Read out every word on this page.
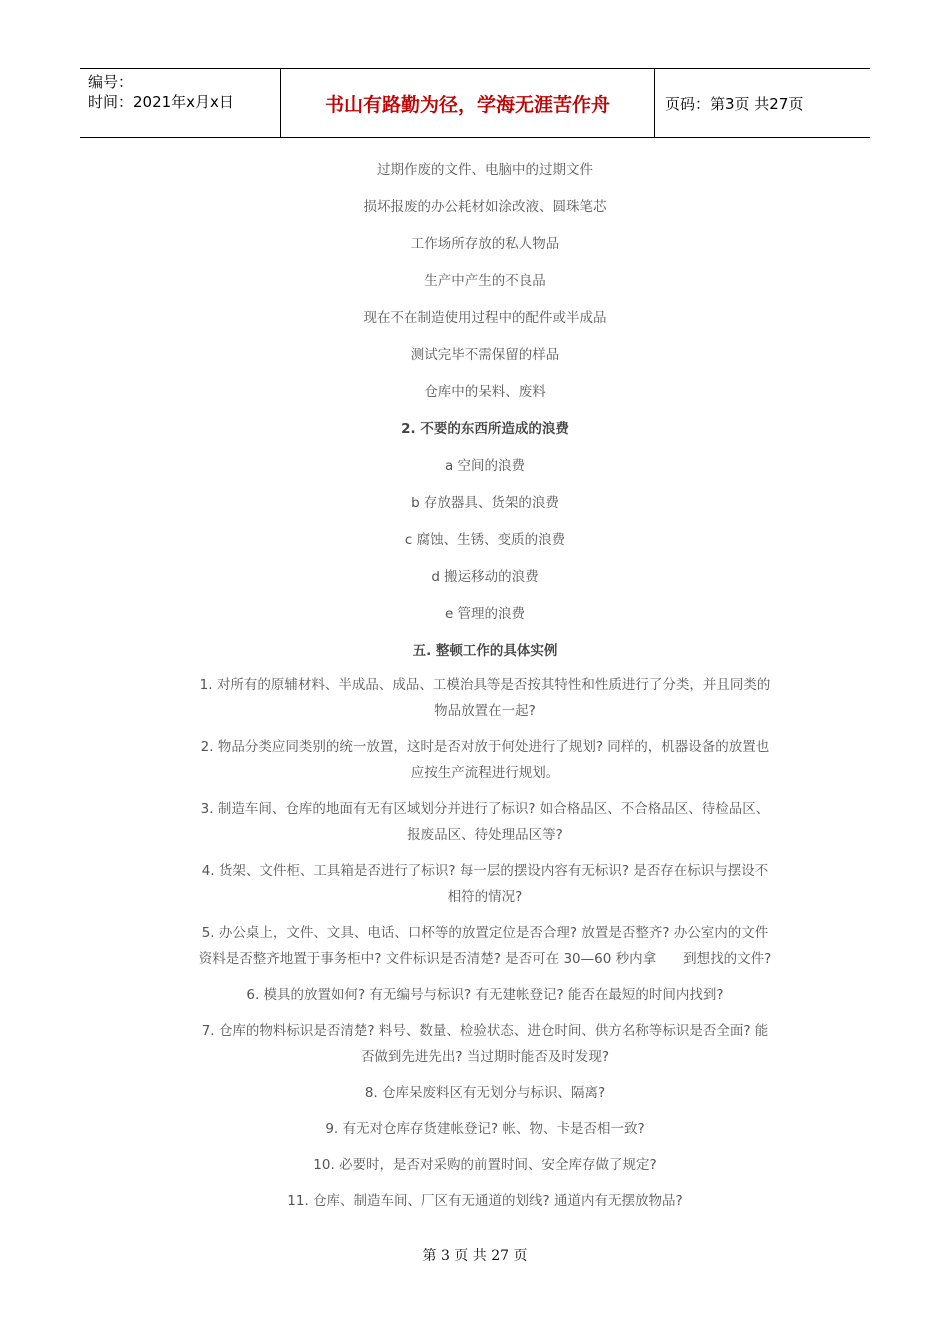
编号：
时间：2021年x月x日	书山有路勤为径，学海无涯苦作舟	页码：第3页 共27页

过期作废的文件、电脑中的过期文件

损坏报废的办公耗材如涂改液、圆珠笔芯

工作场所存放的私人物品

生产中产生的不良品

现在不在制造使用过程中的配件或半成品

测试完毕不需保留的样品

仓库中的呆料、废料

2. 不要的东西所造成的浪费

a 空间的浪费

b 存放器具、货架的浪费

c 腐蚀、生锈、变质的浪费

d 搬运移动的浪费

e 管理的浪费

五. 整顿工作的具体实例

1. 对所有的原辅材料、半成品、成品、工模治具等是否按其特性和性质进行了分类，并且同类的

物品放置在一起?

2. 物品分类应同类别的统一放置，这时是否对放于何处进行了规划? 同样的，机器设备的放置也

应按生产流程进行规划。

3. 制造车间、仓库的地面有无有区域划分并进行了标识? 如合格品区、不合格品区、待检品区、

报废品区、待处理品区等?

4. 货架、文件柜、工具箱是否进行了标识? 每一层的摆设内容有无标识? 是否存在标识与摆设不

相符的情况?

5. 办公桌上，文件、文具、电话、口杯等的放置定位是否合理? 放置是否整齐? 办公室内的文件

资料是否整齐地置于事务柜中? 文件标识是否清楚? 是否可在 30—60 秒内拿　　到想找的文件?

6. 模具的放置如何? 有无编号与标识? 有无建帐登记? 能否在最短的时间内找到?

7. 仓库的物料标识是否清楚? 料号、数量、检验状态、进仓时间、供方名称等标识是否全面? 能

否做到先进先出? 当过期时能否及时发现?

8. 仓库呆废料区有无划分与标识、隔离?

9. 有无对仓库存货建帐登记? 帐、物、卡是否相一致?

10. 必要时，是否对采购的前置时间、安全库存做了规定?

11. 仓库、制造车间、厂区有无通道的划线? 通道内有无摆放物品?

第 3 页 共 27 页
